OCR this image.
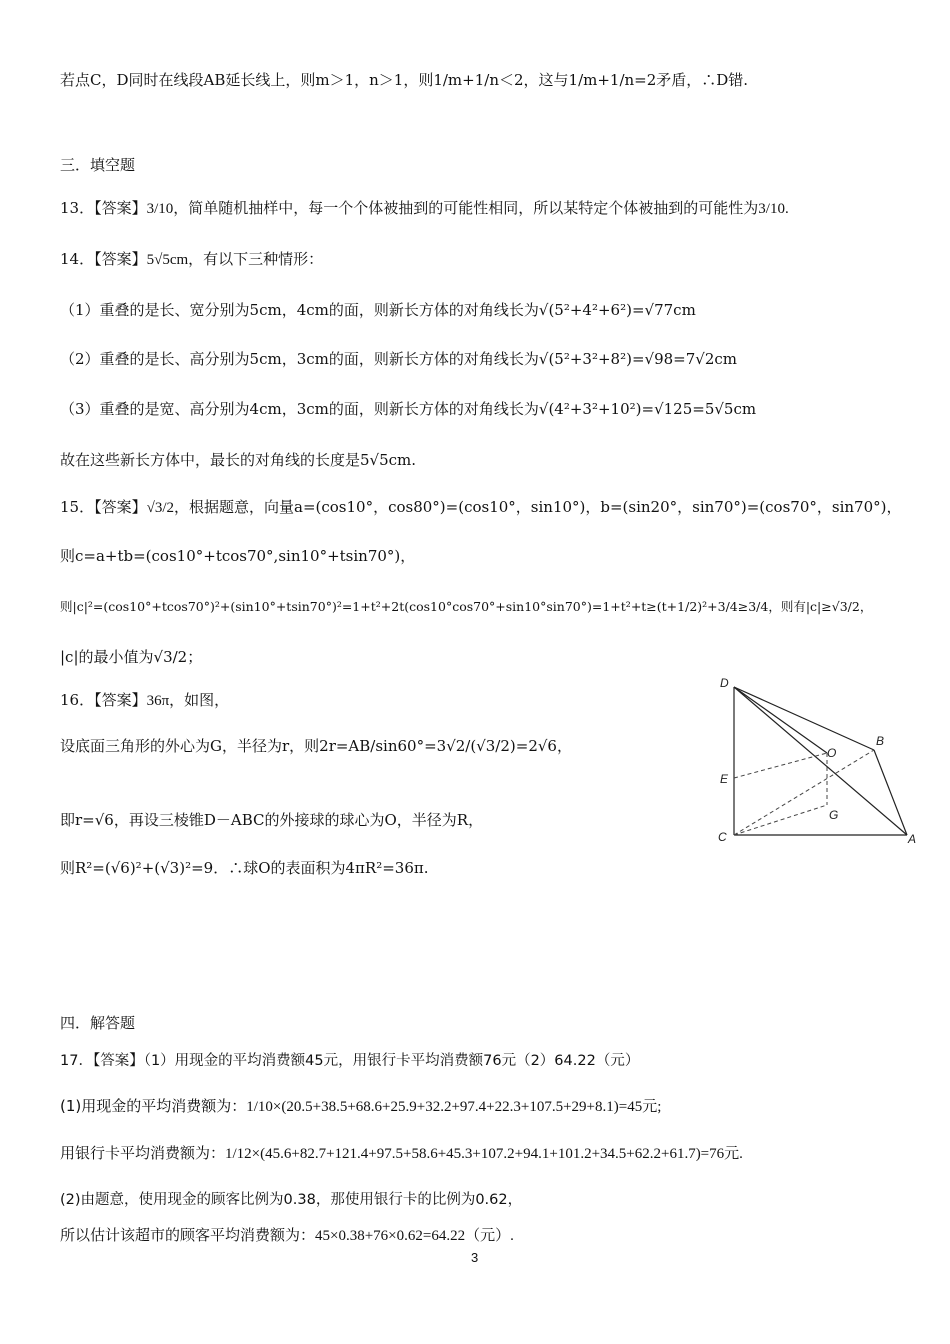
若点C，D同时在线段AB延长线上，则m＞1，n＞1，则1/m+1/n＜2，这与1/m+1/n=2矛盾，∴D错.
三．填空题
13．【答案】3/10，简单随机抽样中，每一个个体被抽到的可能性相同，所以某特定个体被抽到的可能性为3/10.
14．【答案】5√5cm，有以下三种情形：
（1）重叠的是长、宽分别为5cm，4cm的面，则新长方体的对角线长为√(5²+4²+6²)=√77cm
（2）重叠的是长、高分别为5cm，3cm的面，则新长方体的对角线长为√(5²+3²+8²)=√98=7√2cm
（3）重叠的是宽、高分别为4cm，3cm的面，则新长方体的对角线长为√(4²+3²+10²)=√125=5√5cm
故在这些新长方体中，最长的对角线的长度是5√5cm.
15．【答案】√3/2，根据题意，向量a=(cos10°，cos80°)=(cos10°，sin10°)，b=(sin20°，sin70°)=(cos70°，sin70°)，
则c=a+tb=(cos10°+tcos70°,sin10°+tsin70°)，
则|c|²=(cos10°+tcos70°)²+(sin10°+tsin70°)²=1+t²+2t(cos10°cos70°+sin10°sin70°)=1+t²+t≥(t+1/2)²+3/4≥3/4，则有|c|≥√3/2，
|c|的最小值为√3/2；
16．【答案】36π，如图，
设底面三角形的外心为G，半径为r，则2r=AB/sin60°=3√2/(√3/2)=2√6，
即r=√6，再设三棱锥D－ABC的外接球的球心为O，半径为R，
则R²=(√6)²+(√3)²=9．∴球O的表面积为4πR²=36π.
D
B
O
E
G
C	A
四．解答题
17．【答案】（1）用现金的平均消费额45元，用银行卡平均消费额76元（2）64.22（元）
(1)用现金的平均消费额为：1/10×(20.5+38.5+68.6+25.9+32.2+97.4+22.3+107.5+29+8.1)=45元;
用银行卡平均消费额为：1/12×(45.6+82.7+121.4+97.5+58.6+45.3+107.2+94.1+101.2+34.5+62.2+61.7)=76元.
(2)由题意，使用现金的顾客比例为0.38，那使用银行卡的比例为0.62，
所以估计该超市的顾客平均消费额为：45×0.38+76×0.62=64.22（元）.
3
